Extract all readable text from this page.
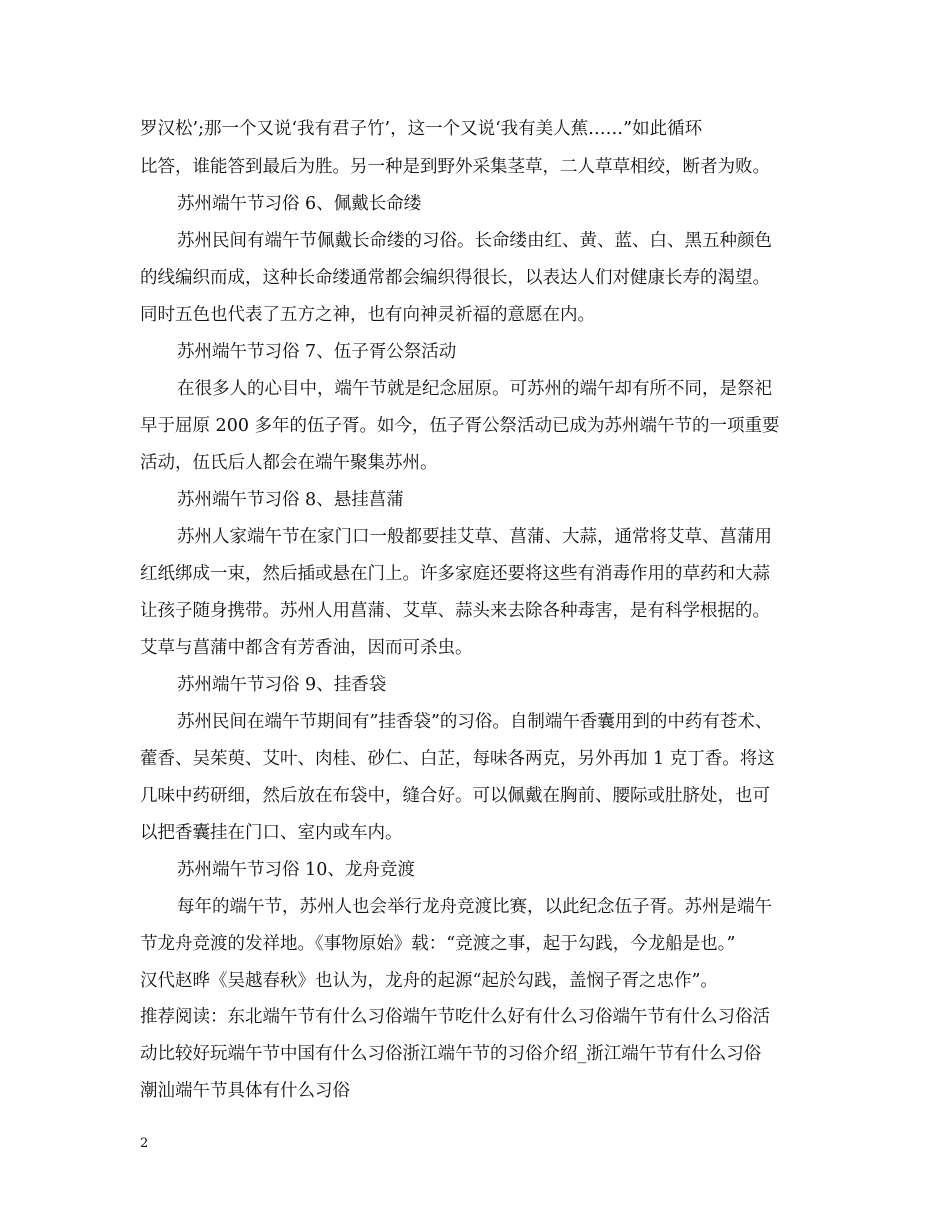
罗汉松’;那一个又说‘我有君子竹’，这一个又说‘我有美人蕉……”如此循环
比答，谁能答到最后为胜。另一种是到野外采集茎草，二人草草相绞，断者为败。
苏州端午节习俗 6、佩戴长命缕
苏州民间有端午节佩戴长命缕的习俗。长命缕由红、黄、蓝、白、黑五种颜色
的线编织而成，这种长命缕通常都会编织得很长，以表达人们对健康长寿的渴望。
同时五色也代表了五方之神，也有向神灵祈福的意愿在内。
苏州端午节习俗 7、伍子胥公祭活动
在很多人的心目中，端午节就是纪念屈原。可苏州的端午却有所不同，是祭祀
早于屈原 200 多年的伍子胥。如今，伍子胥公祭活动已成为苏州端午节的一项重要
活动，伍氏后人都会在端午聚集苏州。
苏州端午节习俗 8、悬挂菖蒲
苏州人家端午节在家门口一般都要挂艾草、菖蒲、大蒜，通常将艾草、菖蒲用
红纸绑成一束，然后插或悬在门上。许多家庭还要将这些有消毒作用的草药和大蒜
让孩子随身携带。苏州人用菖蒲、艾草、蒜头来去除各种毒害，是有科学根据的。
艾草与菖蒲中都含有芳香油，因而可杀虫。
苏州端午节习俗 9、挂香袋
苏州民间在端午节期间有”挂香袋”的习俗。自制端午香囊用到的中药有苍术、
藿香、吴茱萸、艾叶、肉桂、砂仁、白芷，每味各两克，另外再加 1 克丁香。将这
几味中药研细，然后放在布袋中，缝合好。可以佩戴在胸前、腰际或肚脐处，也可
以把香囊挂在门口、室内或车内。
苏州端午节习俗 10、龙舟竞渡
每年的端午节，苏州人也会举行龙舟竞渡比赛，以此纪念伍子胥。苏州是端午
节龙舟竞渡的发祥地。《事物原始》载：“竞渡之事，起于勾践，今龙船是也。”
汉代赵晔《吴越春秋》也认为，龙舟的起源“起於勾践，盖悯子胥之忠作”。
推荐阅读：东北端午节有什么习俗端午节吃什么好有什么习俗端午节有什么习俗活
动比较好玩端午节中国有什么习俗浙江端午节的习俗介绍_浙江端午节有什么习俗
潮汕端午节具体有什么习俗
2
